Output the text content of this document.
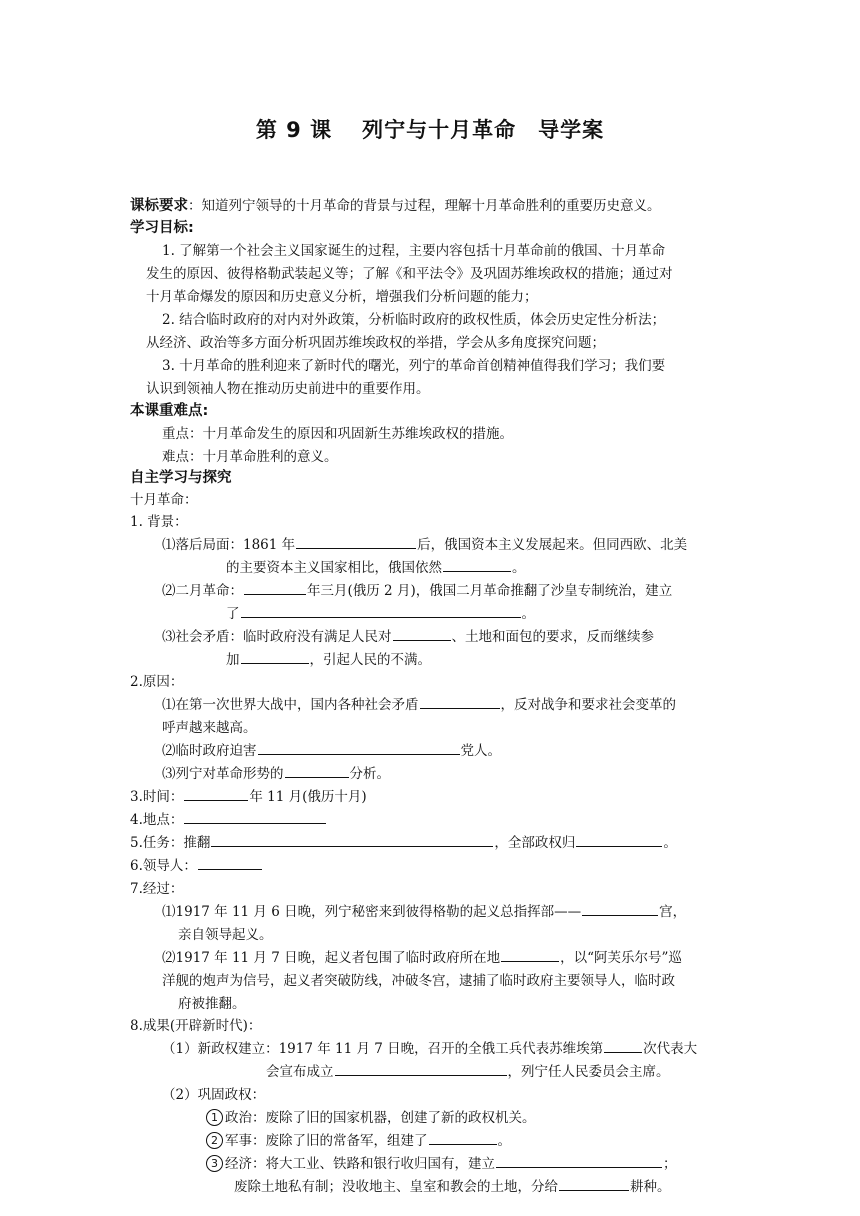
第 9 课 列宁与十月革命 导学案
课标要求：知道列宁领导的十月革命的背景与过程，理解十月革命胜利的重要历史意义。
学习目标:
1. 了解第一个社会主义国家诞生的过程，主要内容包括十月革命前的俄国、十月革命
发生的原因、彼得格勒武装起义等；了解《和平法令》及巩固苏维埃政权的措施；通过对
十月革命爆发的原因和历史意义分析，增强我们分析问题的能力；
2. 结合临时政府的对内对外政策，分析临时政府的政权性质，体会历史定性分析法；
从经济、政治等多方面分析巩固苏维埃政权的举措，学会从多角度探究问题；
3. 十月革命的胜利迎来了新时代的曙光，列宁的革命首创精神值得我们学习；我们要
认识到领袖人物在推动历史前进中的重要作用。
本课重难点:
重点：十月革命发生的原因和巩固新生苏维埃政权的措施。
难点：十月革命胜利的意义。
自主学习与探究
十月革命：
1. 背景：
⑴落后局面：1861 年	后，俄国资本主义发展起来。但同西欧、北美
的主要资本主义国家相比，俄国依然	。
⑵二月革命：	年三月(俄历 2 月)，俄国二月革命推翻了沙皇专制统治，建立
了	。
⑶社会矛盾：临时政府没有满足人民对	、土地和面包的要求，反而继续参
加	，引起人民的不满。
2.原因：
⑴在第一次世界大战中，国内各种社会矛盾	，反对战争和要求社会变革的
呼声越来越高。
⑵临时政府迫害	党人。
⑶列宁对革命形势的	分析。
3.时间：	年 11 月(俄历十月)
4.地点：
5.任务：推翻	，全部政权归	。
6.领导人：
7.经过：
⑴1917 年 11 月 6 日晚，列宁秘密来到彼得格勒的起义总指挥部——	宫，
亲自领导起义。
⑵1917 年 11 月 7 日晚，起义者包围了临时政府所在地	，以“阿芙乐尔号”巡
洋舰的炮声为信号，起义者突破防线，冲破冬宫，逮捕了临时政府主要领导人，临时政
府被推翻。
8.成果(开辟新时代)：
（1）新政权建立：1917 年 11 月 7 日晚，召开的全俄工兵代表苏维埃第	次代表大
会宣布成立	，列宁任人民委员会主席。
（2）巩固政权：
1 政治：废除了旧的国家机器，创建了新的政权机关。
2 军事：废除了旧的常备军，组建了	。
3 经济：将大工业、铁路和银行收归国有，建立	；
废除土地私有制；没收地主、皇室和教会的土地，分给	耕种。
